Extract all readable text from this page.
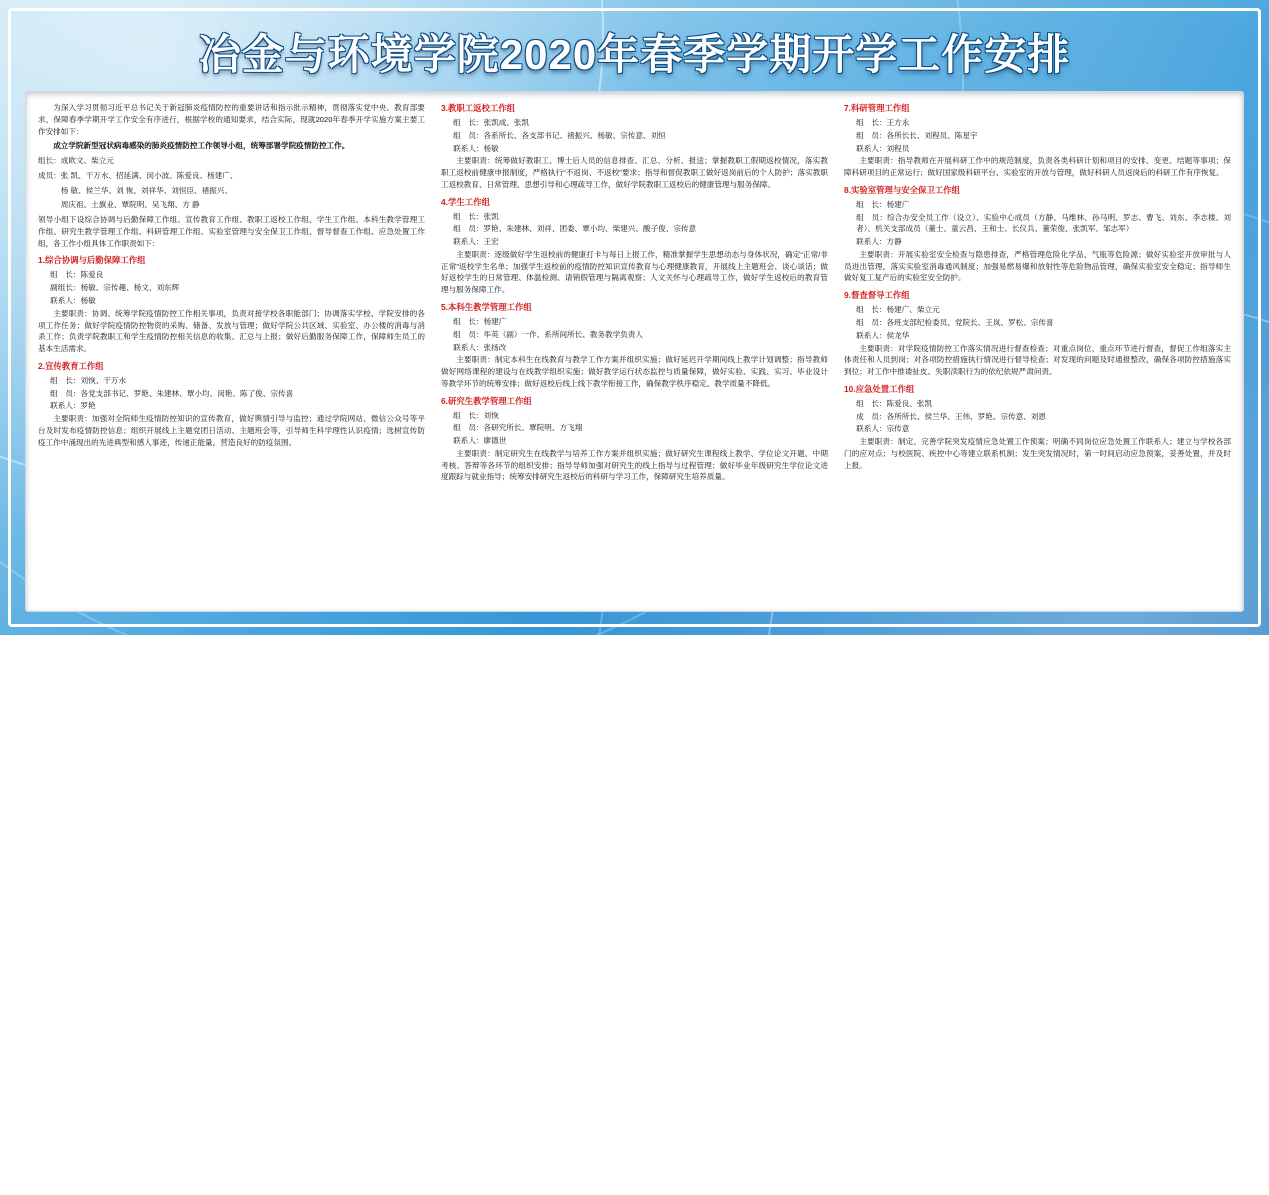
冶金与环境学院2020年春季学期开学工作安排
为深入学习贯彻习近平总书记关于新冠肺炎疫情防控的重要讲话和指示批示精神，贯彻落实党中央、教育部要求，保障春季学期开学工作安全有序进行，根据学校的通知要求，结合实际，现就2020年春季开学实施方案主要工作安排如下：
成立学院新型冠状病毒感染的肺炎疫情防控工作领导小组，统筹部署学院疫情防控工作。
组长：成欧文、柴立元
成员：张 凯、干万水、招延满、闵小波、陈爱良、杨建广、
　　　杨 敏、侯兰华、刘 恢、刘祥华、刘恒臣、褚振兴、
　　　周庆祖、土旗业、覃院明、吴飞翔、方 静
领导小组下设综合协调与后勤保障工作组、宣传教育工作组、教职工返校工作组、学生工作组、本科生教学管理工作组、研究生教学管理工作组、科研管理工作组、实验室管理与安全保卫工作组、督导督查工作组、应急处置工作组，各工作小组具体工作职责如下：
1.综合协调与后勤保障工作组
组　长：陈爱良
副组长：杨敏、宗传趣、杨文、刘东辉
联系人：杨敏
主要职责：协调、统筹学院疫情防控工作相关事项，负责对接学校各职能部门；协调落实学校、学院安排的各项工作任务；做好学院疫情防控物资的采购、储备、发放与管理；做好学院公共区域、实验室、办公楼的消毒与消杀工作；负责学院教职工和学生疫情防控相关信息的收集、汇总与上报；做好后勤服务保障工作，保障师生员工的基本生活需求。
2.宣传教育工作组
组　长：刘恢、干万水
组　员：各党支部书记、罗艳、朱建林、覃小均、闵艳、陈了俊、宗传喜
联系人：罗艳
主要职责：加强对全院师生疫情防控知识的宣传教育，做好舆情引导与监控；通过学院网站、微信公众号等平台及时发布疫情防控信息；组织开展线上主题党团日活动、主题班会等，引导师生科学理性认识疫情；选树宣传防疫工作中涌现出的先进典型和感人事迹，传递正能量，营造良好的防疫氛围。
3.教职工返校工作组
组　长：张凯成、张凯
组　员：各系所长、各支部书记、褚振兴、杨敏、宗传意、刘恒
联系人：杨敏
主要职责：统筹做好教职工、博士后人员的信息排查、汇总、分析、报送；掌握教职工假期返校情况，落实教职工返校前健康申报制度，严格执行“不返岗、不返校”要求；指导和督促教职工做好返岗前后的个人防护；落实教职工返校教育、日常管理、思想引导和心理疏导工作，做好学院教职工返校后的健康管理与服务保障。
4.学生工作组
组　长：张凯
组　员：罗艳、朱建林、刘祥、团委、覃小均、柴建兴、酸子俊、宗传意
联系人：王宏
主要职责：逐级做好学生返校前的健康打卡与每日上报工作，精准掌握学生思想动态与身体状况，确定“正常/非正常”返校学生名单；加强学生返校前的疫情防控知识宣传教育与心理健康教育，开展线上主题班会、谈心谈话；做好返校学生的日常管理、体温检测、请销假管理与隔离观察；人文关怀与心理疏导工作，做好学生返校后的教育管理与服务保障工作。
5.本科生教学管理工作组
组　长：杨建广
组　员：毕英（副）一作、系所间所长、教务教学负责人
联系人：张扬改
主要职责：制定本科生在线教育与教学工作方案并组织实施；做好延迟开学期间线上教学计划调整；指导教师做好网络课程的建设与在线教学组织实施；做好教学运行状态监控与质量保障，做好实验、实践、实习、毕业设计等教学环节的统筹安排；做好返校后线上线下教学衔接工作，确保教学秩序稳定、教学质量不降低。
6.研究生教学管理工作组
组　长：刘恢
组　员：各研究所长、覃院明、方飞翔
联系人：廖德世
主要职责：制定研究生在线教学与培养工作方案并组织实施；做好研究生课程线上教学、学位论文开题、中期考核、答辩等各环节的组织安排；指导导师加强对研究生的线上指导与过程管理；做好毕业年级研究生学位论文进度跟踪与就业指导；统筹安排研究生返校后的科研与学习工作，保障研究生培养质量。
7.科研管理工作组
组　长：王方永
组　员：各所长长、刘程员、陈星宇
联系人：刘程员
主要职责：指导教师在开展科研工作中的规范制度，负责各类科研计划和项目的安排、变更、结题等事项；保障科研项目的正常运行；做好国家级科研平台、实验室的开放与管理，做好科研人员返岗后的科研工作有序恢复。
8.实验室管理与安全保卫工作组
组　长：杨建广
组　员：综合办安全员工作（设立）、实验中心成员（方静、马维林、孙马明、罗志、曹飞、刘东、李志楼、刘者）、机关支部成员（董士、童云昌、王和士、长仪兵、董荣俊、张凯军、邹志军）
联系人：方静
主要职责：开展实验室安全检查与隐患排查，严格管理危险化学品、气瓶等危险源；做好实验室开放审批与人员进出管理，落实实验室消毒通风制度；加强易燃易爆和放射性等危险物品管理，确保实验室安全稳定；指导师生做好复工复产后的实验室安全防护。
9.督查督导工作组
组　长：杨建广、柴立元
组　员：各班支部纪检委员、党院长、王岚、罗松、宗传喜
联系人：侯龙华
主要职责：对学院疫情防控工作落实情况进行督查检查；对重点岗位、重点环节进行督查，督促工作组落实主体责任和人员到岗；对各项防控措施执行情况进行督导检查；对发现的问题及时通报整改，确保各项防控措施落实到位；对工作中推诿扯皮、失职渎职行为的依纪依规严肃问责。
10.应急处置工作组
组　长：陈爱良、张凯
成　员：各所所长、侯兰华、王伟、罗艳、宗传意、刘恩
联系人：宗传意
主要职责：制定、完善学院突发疫情应急处置工作预案；明确不同岗位应急处置工作联系人；建立与学校各部门的应对点；与校医院、疾控中心等建立联系机制；发生突发情况时，第一时间启动应急预案，妥善处置，并及时上报。
